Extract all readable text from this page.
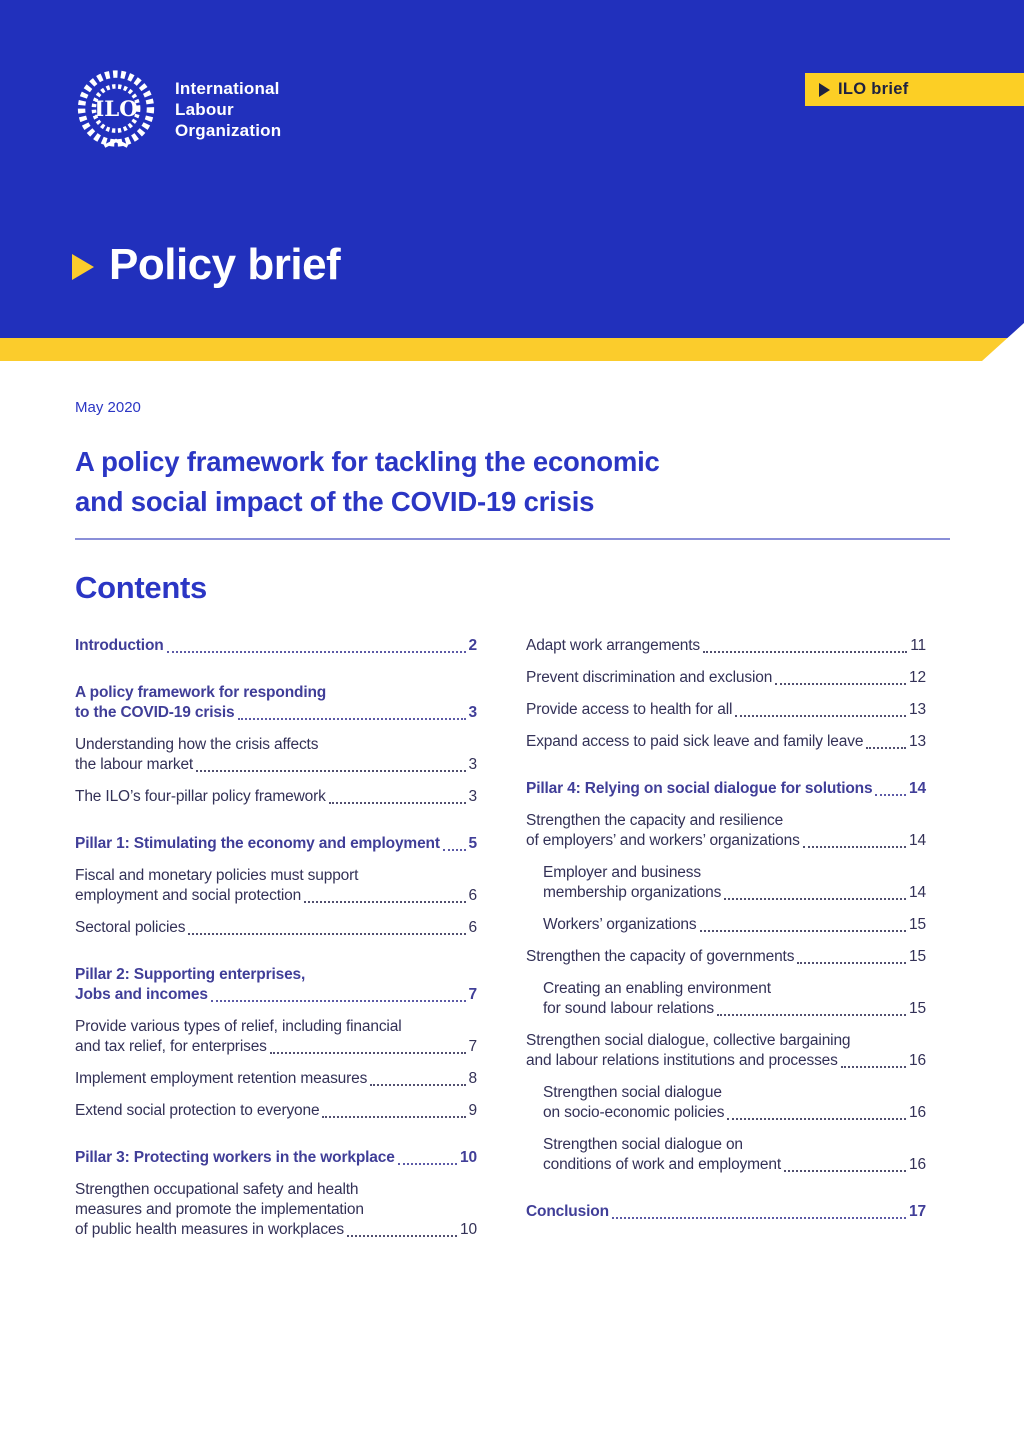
ILO
International
Labour
Organization
ILO brief
Policy brief
May 2020
A policy framework for tackling the economic
and social impact of the COVID-19 crisis
Contents
Introduction	2
A policy framework for responding
to the COVID-19 crisis	3
Understanding how the crisis affects
the labour market	3
The ILO’s four-pillar policy framework	3
Pillar 1: Stimulating the economy and employment 5
Fiscal and monetary policies must support
employment and social protection	6
Sectoral policies	6
Pillar 2: Supporting enterprises,
Jobs and incomes	7
Provide various types of relief, including financial
and tax relief, for enterprises	7
Implement employment retention measures	8
Extend social protection to everyone	9
Pillar 3: Protecting workers in the workplace	10
Strengthen occupational safety and health
measures and promote the implementation
of public health measures in workplaces	10
Adapt work arrangements	11
Prevent discrimination and exclusion	12
Provide access to health for all	13
Expand access to paid sick leave and family leave	13
Pillar 4: Relying on social dialogue for solutions 14
Strengthen the capacity and resilience
of employers’ and workers’ organizations	14
Employer and business
membership organizations	14
Workers’ organizations	15
Strengthen the capacity of governments	15
Creating an enabling environment
for sound labour relations	15
Strengthen social dialogue, collective bargaining
and labour relations institutions and processes	16
Strengthen social dialogue
on socio-economic policies	16
Strengthen social dialogue on
conditions of work and employment	16
Conclusion	17
